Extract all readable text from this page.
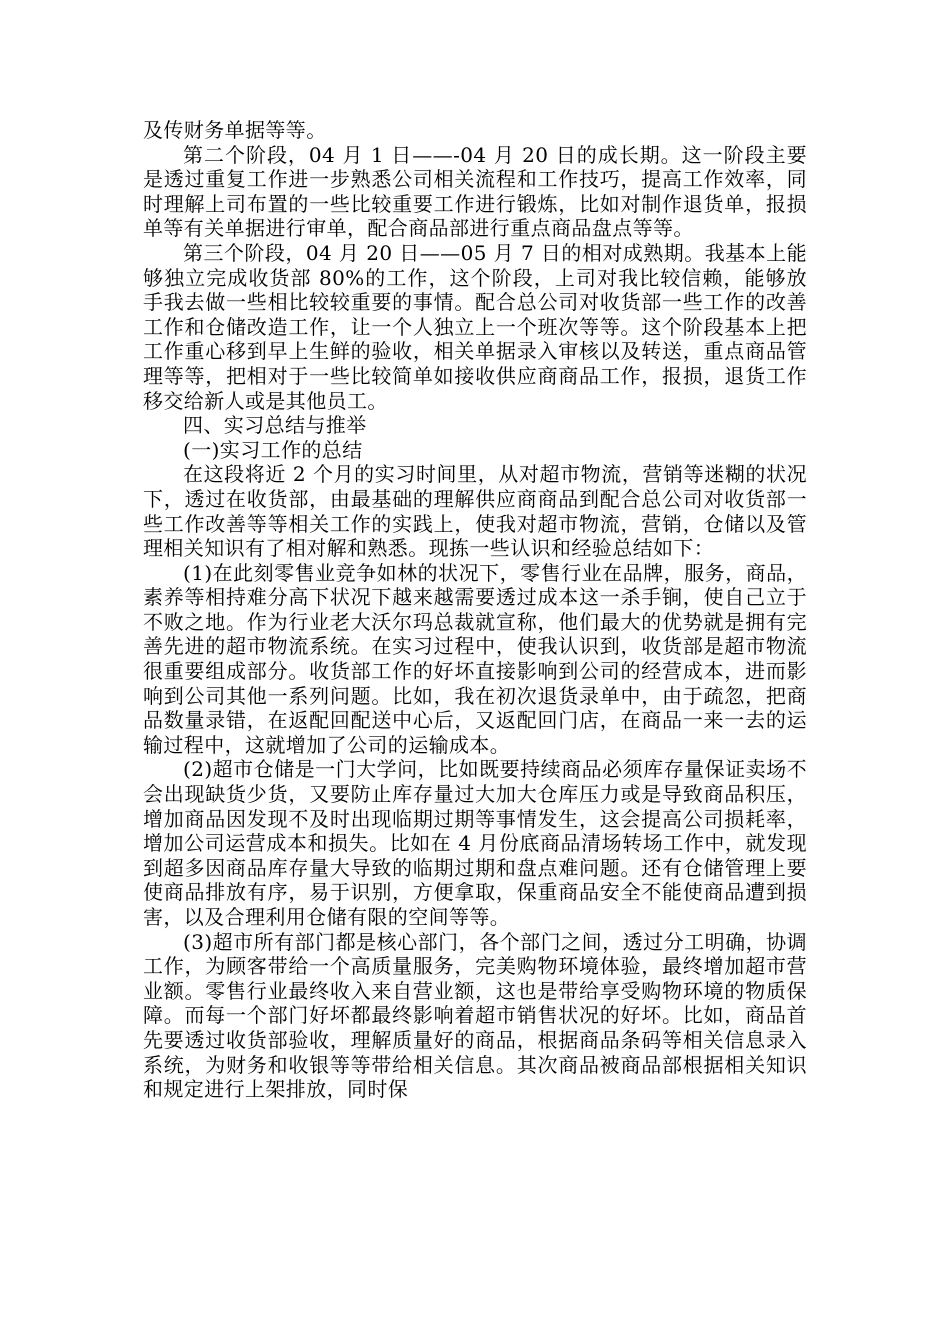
及传财务单据等等。

第二个阶段，04 月 1 日——-04 月 20 日的成长期。这一阶段主要是透过重复工作进一步熟悉公司相关流程和工作技巧，提高工作效率，同时理解上司布置的一些比较重要工作进行锻炼，比如对制作退货单，报损单等有关单据进行审单，配合商品部进行重点商品盘点等等。

第三个阶段，04 月 20 日——05 月 7 日的相对成熟期。我基本上能够独立完成收货部 80%的工作，这个阶段，上司对我比较信赖，能够放手我去做一些相比较较重要的事情。配合总公司对收货部一些工作的改善工作和仓储改造工作，让一个人独立上一个班次等等。这个阶段基本上把工作重心移到早上生鲜的验收，相关单据录入审核以及转送，重点商品管理等等，把相对于一些比较简单如接收供应商商品工作，报损，退货工作移交给新人或是其他员工。

四、实习总结与推举

(一)实习工作的总结

在这段将近 2 个月的实习时间里，从对超市物流，营销等迷糊的状况下，透过在收货部，由最基础的理解供应商商品到配合总公司对收货部一些工作改善等等相关工作的实践上，使我对超市物流，营销，仓储以及管理相关知识有了相对解和熟悉。现拣一些认识和经验总结如下：

(1)在此刻零售业竞争如林的状况下，零售行业在品牌，服务，商品，素养等相持难分高下状况下越来越需要透过成本这一杀手锏，使自己立于不败之地。作为行业老大沃尔玛总裁就宣称，他们最大的优势就是拥有完善先进的超市物流系统。在实习过程中，使我认识到，收货部是超市物流很重要组成部分。收货部工作的好坏直接影响到公司的经营成本，进而影响到公司其他一系列问题。比如，我在初次退货录单中，由于疏忽，把商品数量录错，在返配回配送中心后，又返配回门店，在商品一来一去的运输过程中，这就增加了公司的运输成本。

(2)超市仓储是一门大学问，比如既要持续商品必须库存量保证卖场不会出现缺货少货，又要防止库存量过大加大仓库压力或是导致商品积压，增加商品因发现不及时出现临期过期等事情发生，这会提高公司损耗率，增加公司运营成本和损失。比如在 4 月份底商品清场转场工作中，就发现到超多因商品库存量大导致的临期过期和盘点难问题。还有仓储管理上要使商品排放有序，易于识别，方便拿取，保重商品安全不能使商品遭到损害，以及合理利用仓储有限的空间等等。

(3)超市所有部门都是核心部门，各个部门之间，透过分工明确，协调工作，为顾客带给一个高质量服务，完美购物环境体验，最终增加超市营业额。零售行业最终收入来自营业额，这也是带给享受购物环境的物质保障。而每一个部门好坏都最终影响着超市销售状况的好坏。比如，商品首先要透过收货部验收，理解质量好的商品，根据商品条码等相关信息录入系统，为财务和收银等等带给相关信息。其次商品被商品部根据相关知识和规定进行上架排放，同时保
